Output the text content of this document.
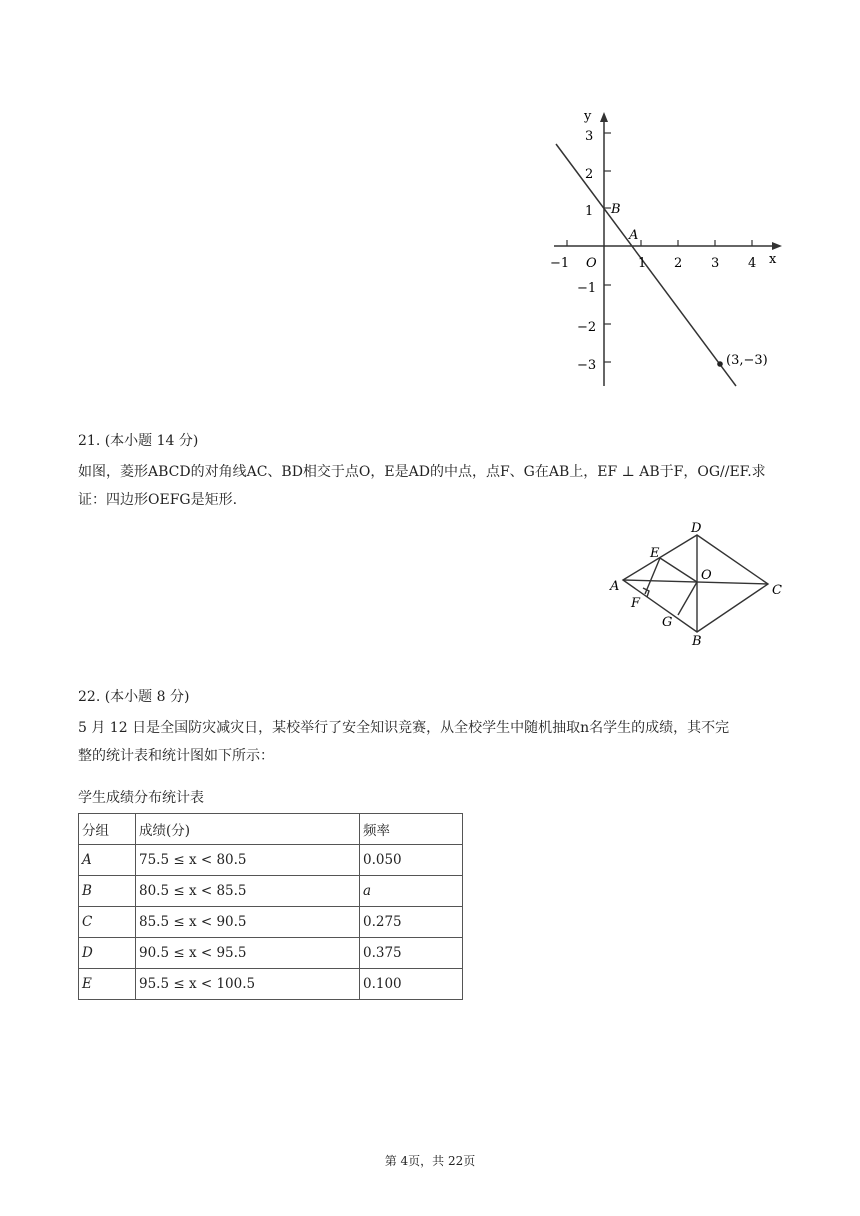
y
x
O
−1	1 2 3 4
3
2
1
−1
−2
−3
B
A
(3,−3)
21. (本小题 14 分)
如图，菱形ABCD的对角线AC、BD相交于点O，E是AD的中点，点F、G在AB上，EF ⊥ AB于F，OG//EF.求
证：四边形OEFG是矩形.
A
B
C
D
E
F
G
O
22. (本小题 8 分)
5 月 12 日是全国防灾减灾日，某校举行了安全知识竞赛，从全校学生中随机抽取n名学生的成绩，其不完
整的统计表和统计图如下所示：
学生成绩分布统计表
分组	成绩(分)	频率
A	75.5 ≤ x < 80.5	0.050
B	80.5 ≤ x < 85.5	a
C	85.5 ≤ x < 90.5	0.275
D	90.5 ≤ x < 95.5	0.375
E	95.5 ≤ x < 100.5	0.100
第 4页，共 22页
